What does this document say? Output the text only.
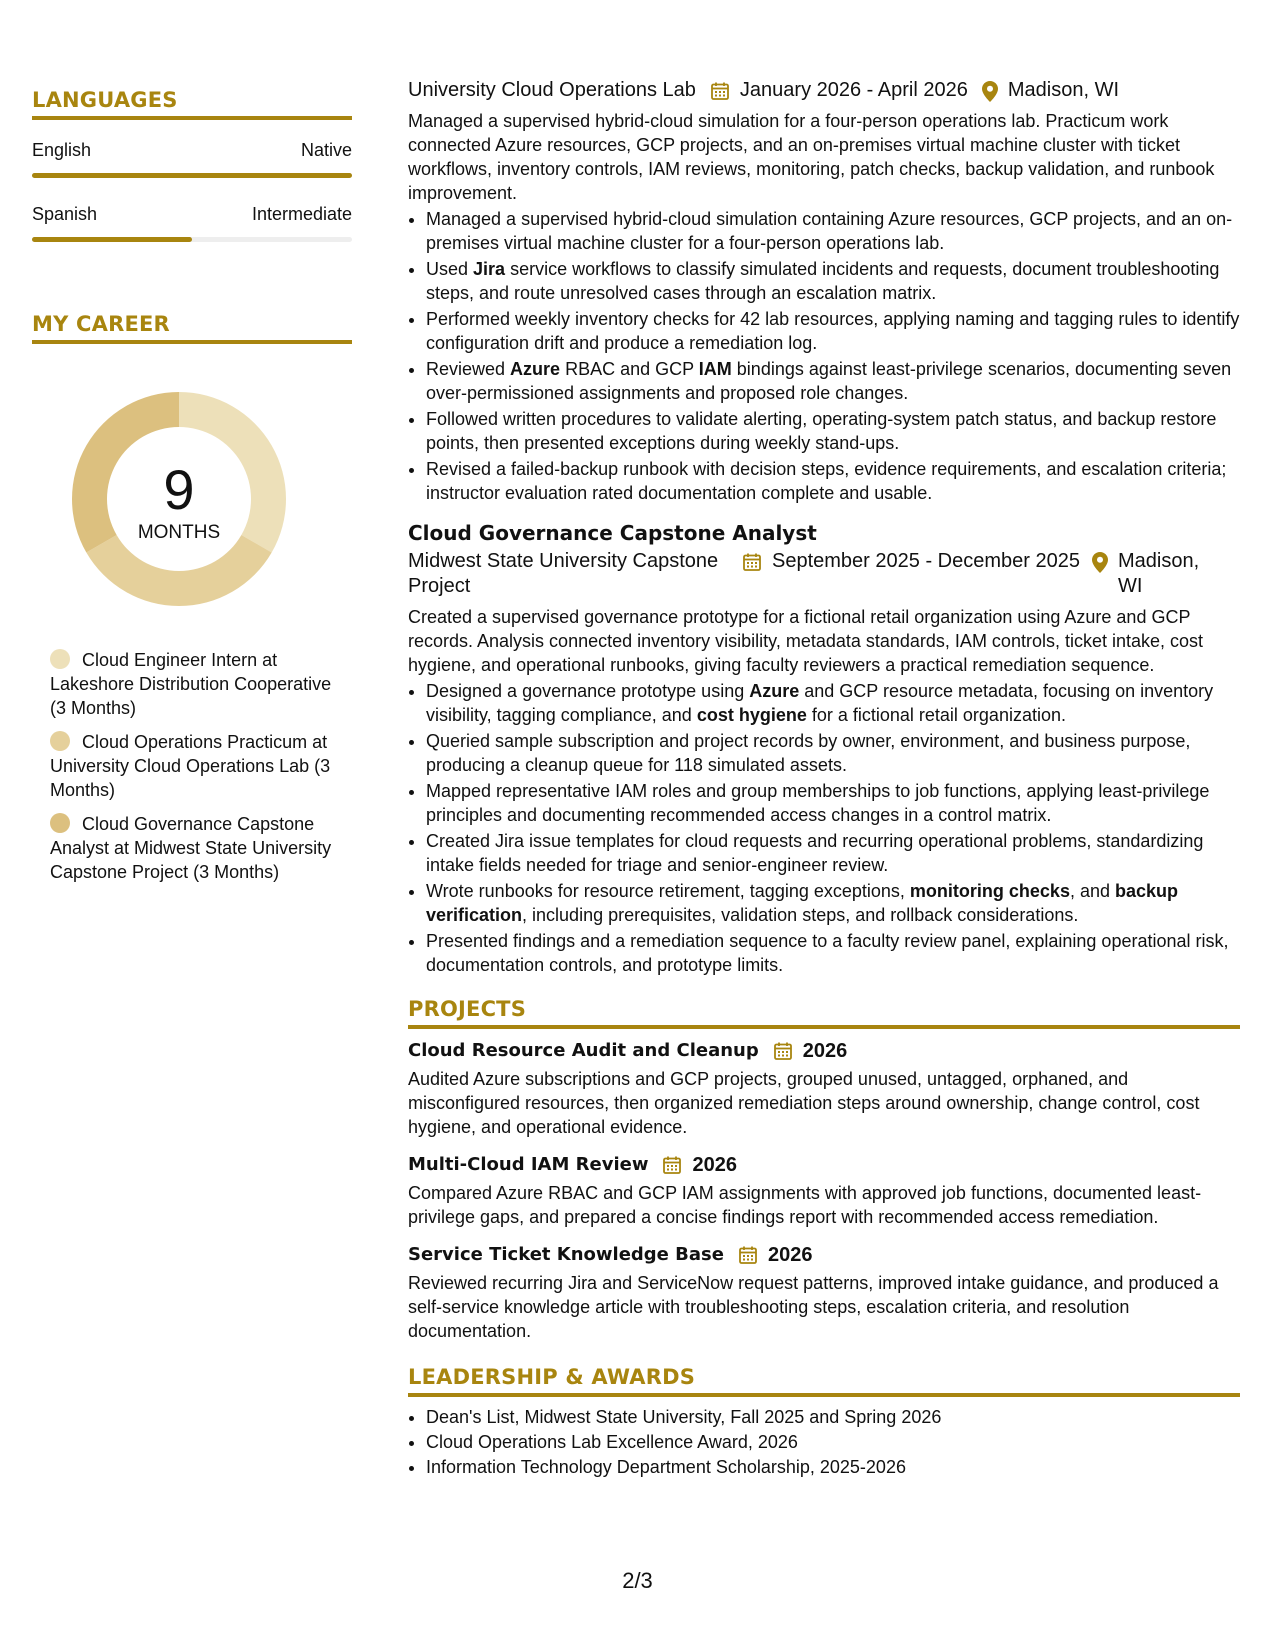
LANGUAGES
English	Native
Spanish	Intermediate
MY CAREER
9
MONTHS
Cloud Engineer Intern at Lakeshore Distribution Cooperative (3 Months)
Cloud Operations Practicum at University Cloud Operations Lab (3 Months)
Cloud Governance Capstone Analyst at Midwest State University Capstone Project (3 Months)
University Cloud Operations Lab January 2026 - April 2026 Madison, WI

Managed a supervised hybrid-cloud simulation for a four-person operations lab. Practicum work connected Azure resources, GCP projects, and an on-premises virtual machine cluster with ticket workflows, inventory controls, IAM reviews, monitoring, patch checks, backup validation, and runbook improvement.

• Managed a supervised hybrid-cloud simulation containing Azure resources, GCP projects, and an on-premises virtual machine cluster for a four-person operations lab.
• Used Jira service workflows to classify simulated incidents and requests, document troubleshooting steps, and route unresolved cases through an escalation matrix.
• Performed weekly inventory checks for 42 lab resources, applying naming and tagging rules to identify configuration drift and produce a remediation log.
• Reviewed Azure RBAC and GCP IAM bindings against least-privilege scenarios, documenting seven over-permissioned assignments and proposed role changes.
• Followed written procedures to validate alerting, operating-system patch status, and backup restore points, then presented exceptions during weekly stand-ups.
• Revised a failed-backup runbook with decision steps, evidence requirements, and escalation criteria; instructor evaluation rated documentation complete and usable.
Cloud Governance Capstone Analyst
Midwest State University Capstone Project
September 2025 - December 2025 Madison, WI

Created a supervised governance prototype for a fictional retail organization using Azure and GCP records. Analysis connected inventory visibility, metadata standards, IAM controls, ticket intake, cost hygiene, and operational runbooks, giving faculty reviewers a practical remediation sequence.

• Designed a governance prototype using Azure and GCP resource metadata, focusing on inventory visibility, tagging compliance, and cost hygiene for a fictional retail organization.
• Queried sample subscription and project records by owner, environment, and business purpose, producing a cleanup queue for 118 simulated assets.
• Mapped representative IAM roles and group memberships to job functions, applying least-privilege principles and documenting recommended access changes in a control matrix.
• Created Jira issue templates for cloud requests and recurring operational problems, standardizing intake fields needed for triage and senior-engineer review.
• Wrote runbooks for resource retirement, tagging exceptions, monitoring checks, and backup verification, including prerequisites, validation steps, and rollback considerations.
• Presented findings and a remediation sequence to a faculty review panel, explaining operational risk, documentation controls, and prototype limits.
PROJECTS
Cloud Resource Audit and Cleanup 2026

Audited Azure subscriptions and GCP projects, grouped unused, untagged, orphaned, and misconfigured resources, then organized remediation steps around ownership, change control, cost hygiene, and operational evidence.

Multi-Cloud IAM Review 2026

Compared Azure RBAC and GCP IAM assignments with approved job functions, documented least-privilege gaps, and prepared a concise findings report with recommended access remediation.

Service Ticket Knowledge Base 2026

Reviewed recurring Jira and ServiceNow request patterns, improved intake guidance, and produced a self-service knowledge article with troubleshooting steps, escalation criteria, and resolution documentation.

LEADERSHIP & AWARDS
• Dean's List, Midwest State University, Fall 2025 and Spring 2026
• Cloud Operations Lab Excellence Award, 2026
• Information Technology Department Scholarship, 2025-2026
2/3
